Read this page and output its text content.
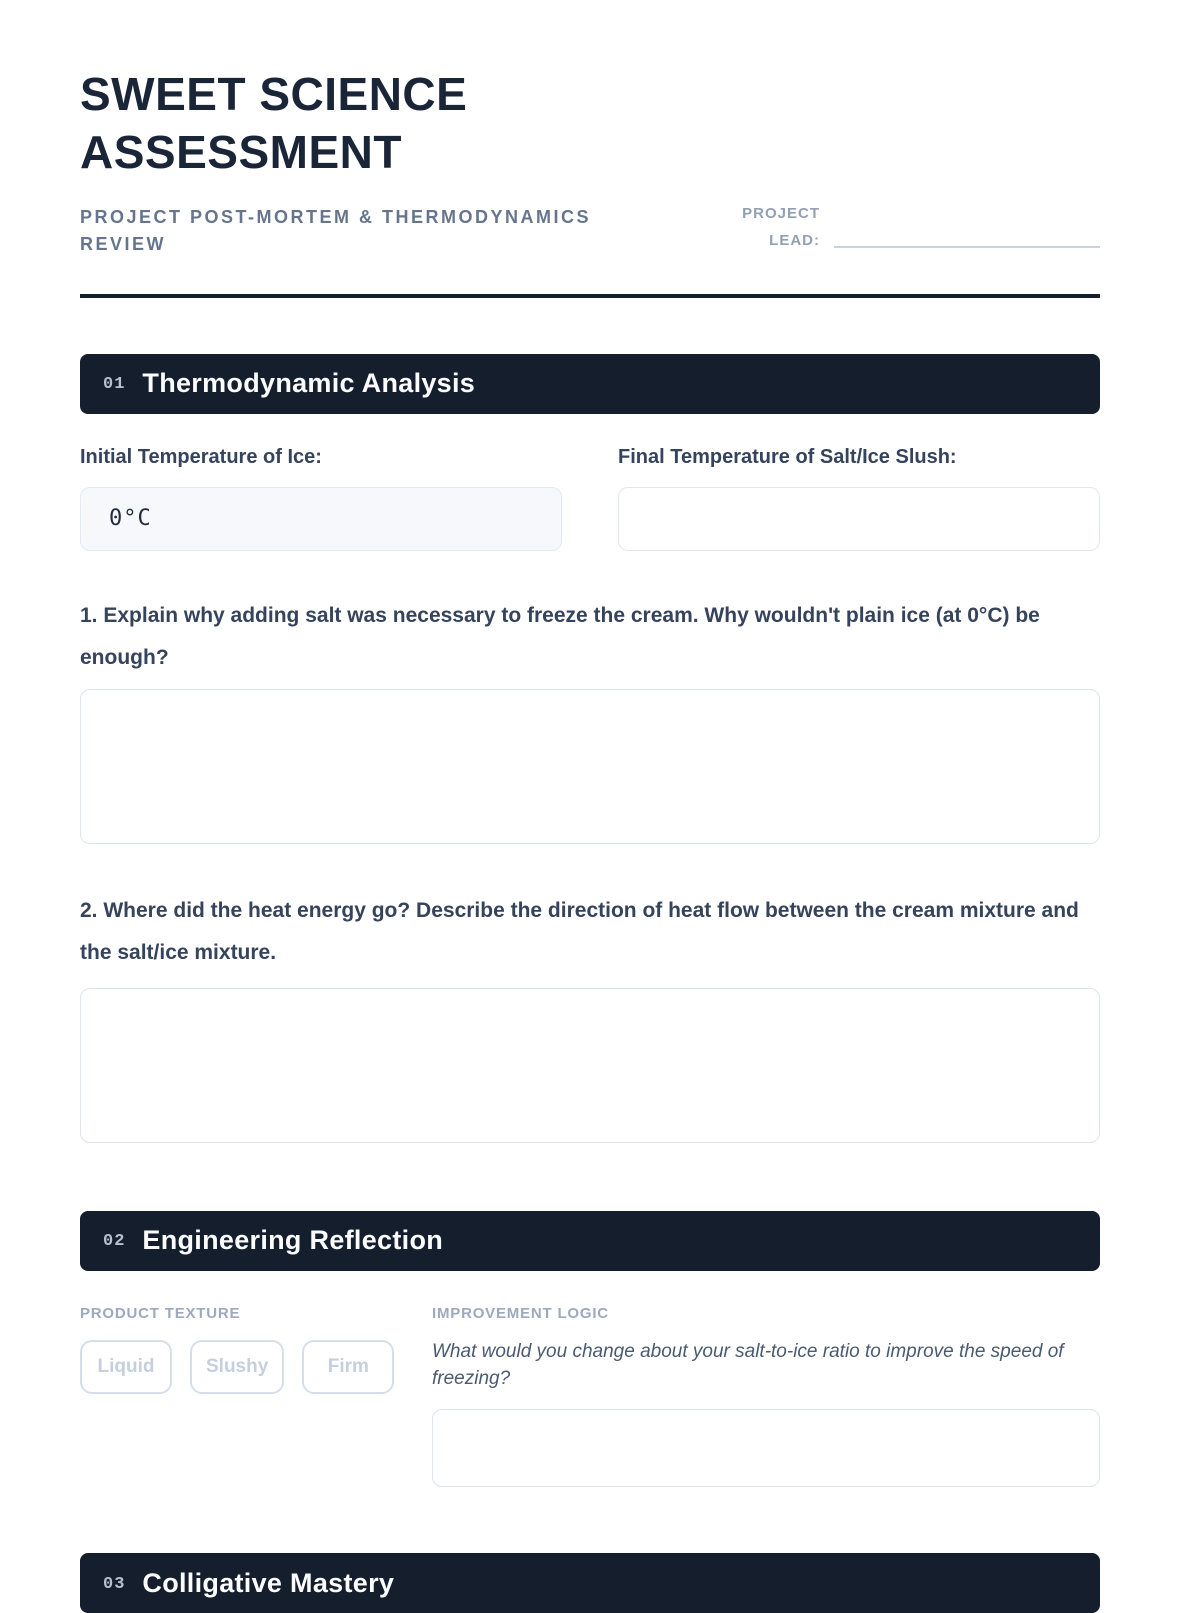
SWEET SCIENCE ASSESSMENT

PROJECT POST-MORTEM & THERMODYNAMICS REVIEW

PROJECT LEAD:
01 Thermodynamic Analysis
Initial Temperature of Ice:
0°C
Final Temperature of Salt/Ice Slush:
1. Explain why adding salt was necessary to freeze the cream. Why wouldn't plain ice (at 0°C) be enough?
2. Where did the heat energy go? Describe the direction of heat flow between the cream mixture and the salt/ice mixture.
02 Engineering Reflection
PRODUCT TEXTURE
Liquid	Slushy	Firm
IMPROVEMENT LOGIC

What would you change about your salt-to-ice ratio to improve the speed of freezing?

03 Colligative Mastery
